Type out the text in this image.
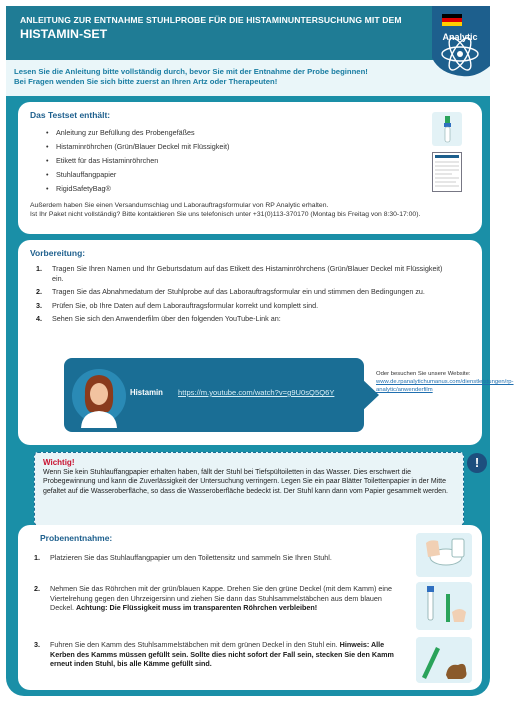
ANLEITUNG ZUR ENTNAHME STUHLPROBE FÜR DIE HISTAMINUNTERSUCHUNG MIT DEM
HISTAMIN-SET
Lesen Sie die Anleitung bitte vollständig durch, bevor Sie mit der Entnahme der Probe beginnen!
Bei Fragen wenden Sie sich bitte zuerst an Ihren Artz oder Therapeuten!
Das Testset enthält:
• Anleitung zur Befüllung des Probengefäßes
• Histaminröhrchen (Grün/Blauer Deckel mit Flüssigkeit)
• Etikett für das Histaminröhrchen
• Stuhlauffangpapier
• RigidSafetyBag®
Außerdem haben Sie einen Versandumschlag und Laborauftragsformular von RP Analytic erhalten.
Ist Ihr Paket nicht vollständig? Bitte kontaktieren Sie uns telefonisch unter +31(0)113-370170 (Montag bis Freitag von 8:30-17:00).
Vorbereitung:
1. Tragen Sie Ihren Namen und Ihr Geburtsdatum auf das Etikett des Histaminröhrchens (Grün/Blauer Deckel mit Flüssigkeit) ein.
2. Tragen Sie das Abnahmedatum der Stuhlprobe auf das Laborauftragsformular ein und stimmen den Bedingungen zu.
3. Prüfen Sie, ob Ihre Daten auf dem Laborauftragsformular korrekt und komplett sind.
4. Sehen Sie sich den Anwenderfilm über den folgenden YouTube-Link an:
Histamin https://m.youtube.com/watch?v=g9U0sQ5Q6Y
Oder besuchen Sie unsere Website:
www.de.rpanalytichumanus.com/dienstleistungen/rp-analytic/anwenderfilm
Wichtig!

Wenn Sie kein Stuhlauffangpapier erhalten haben, fällt der Stuhl bei Tiefspültoiletten in das Wasser. Dies erschwert die Probegewinnung und kann die Zuverlässigkeit der Untersuchung verringern. Legen Sie ein paar Blätter Toilettenpapier in der Mitte gefaltet auf die Wasseroberfläche, so dass die Wasseroberfläche bedeckt ist. Der Stuhl kann dann vom Papier gesammelt werden.

!
Probenentnahme:
1. Platzieren Sie das Stuhlauffangpapier um den Toilettensitz und sammeln Sie Ihren Stuhl.
2. Nehmen Sie das Röhrchen mit der grün/blauen Kappe. Drehen Sie den grüne Deckel (mit dem Kamm) eine Viertelrehung gegen den Uhrzeigersinn und ziehen Sie dann das Stuhlsammelstäbchen aus dem blauen Deckel. Achtung: Die Flüssigkeit muss im transparenten Röhrchen verbleiben!
3. Fuhren Sie den Kamm des Stuhlsammelstäbchen mit dem grünen Deckel in den Stuhl ein. Hinweis: Alle Kerben des Kamms müssen gefüllt sein. Sollte dies nicht sofort der Fall sein, stecken Sie den Kamm erneut inden Stuhl, bis alle Kämme gefüllt sind.
Analytic
